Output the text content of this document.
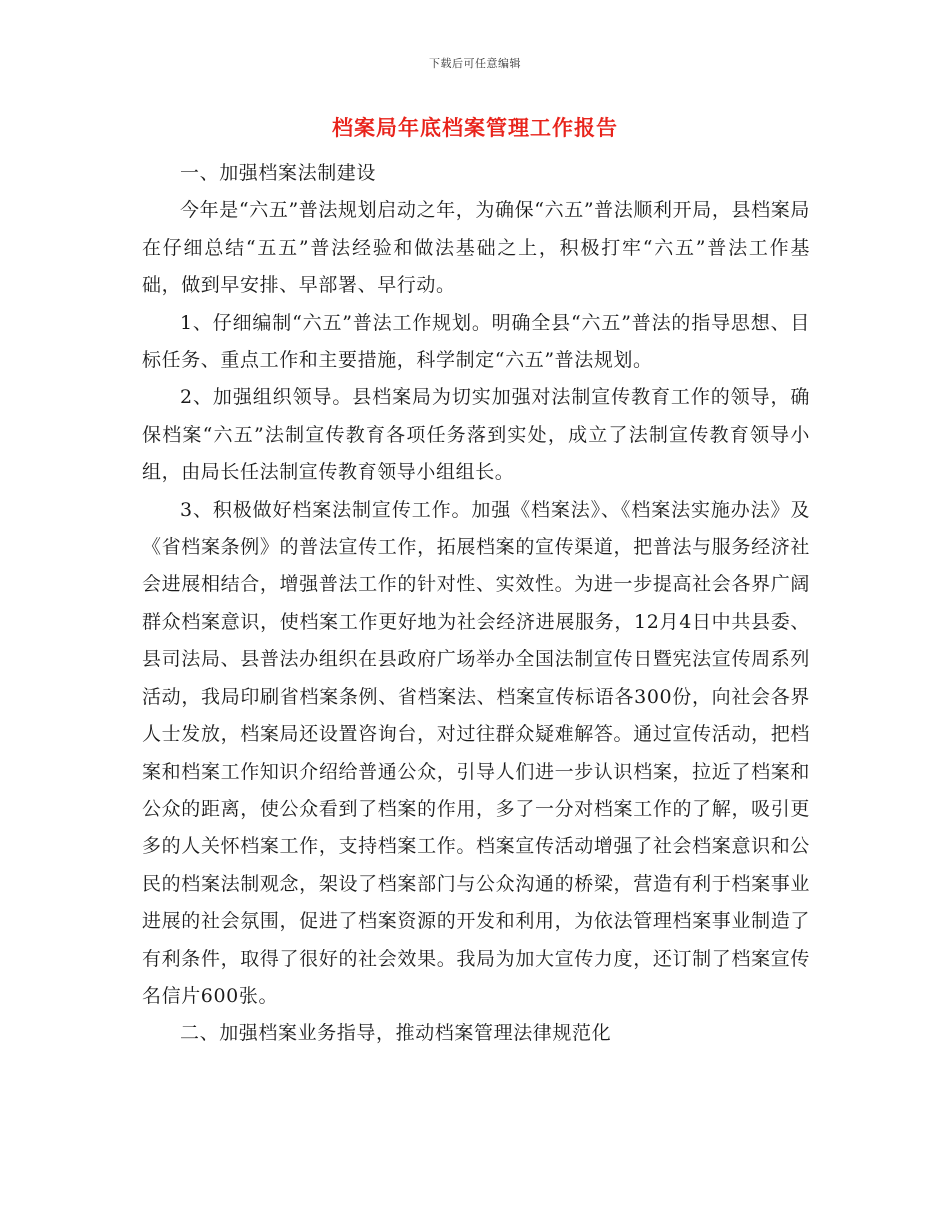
下载后可任意编辑
档案局年底档案管理工作报告

一、加强档案法制建设

今年是“六五”普法规划启动之年，为确保“六五”普法顺利开局，县档案局在仔细总结“五五”普法经验和做法基础之上，积极打牢“六五”普法工作基础，做到早安排、早部署、早行动。

1、仔细编制“六五”普法工作规划。明确全县“六五”普法的指导思想、目标任务、重点工作和主要措施，科学制定“六五”普法规划。

2、加强组织领导。县档案局为切实加强对法制宣传教育工作的领导，确保档案“六五”法制宣传教育各项任务落到实处，成立了法制宣传教育领导小组，由局长任法制宣传教育领导小组组长。

3、积极做好档案法制宣传工作。加强《档案法》、《档案法实施办法》及《省档案条例》的普法宣传工作，拓展档案的宣传渠道，把普法与服务经济社会进展相结合，增强普法工作的针对性、实效性。为进一步提高社会各界广阔群众档案意识，使档案工作更好地为社会经济进展服务，12月4日中共县委、县司法局、县普法办组织在县政府广场举办全国法制宣传日暨宪法宣传周系列活动，我局印刷省档案条例、省档案法、档案宣传标语各300份，向社会各界人士发放，档案局还设置咨询台，对过往群众疑难解答。通过宣传活动，把档案和档案工作知识介绍给普通公众，引导人们进一步认识档案，拉近了档案和公众的距离，使公众看到了档案的作用，多了一分对档案工作的了解，吸引更多的人关怀档案工作，支持档案工作。档案宣传活动增强了社会档案意识和公民的档案法制观念，架设了档案部门与公众沟通的桥梁，营造有利于档案事业进展的社会氛围，促进了档案资源的开发和利用，为依法管理档案事业制造了有利条件，取得了很好的社会效果。我局为加大宣传力度，还订制了档案宣传名信片600张。

二、加强档案业务指导，推动档案管理法律规范化
